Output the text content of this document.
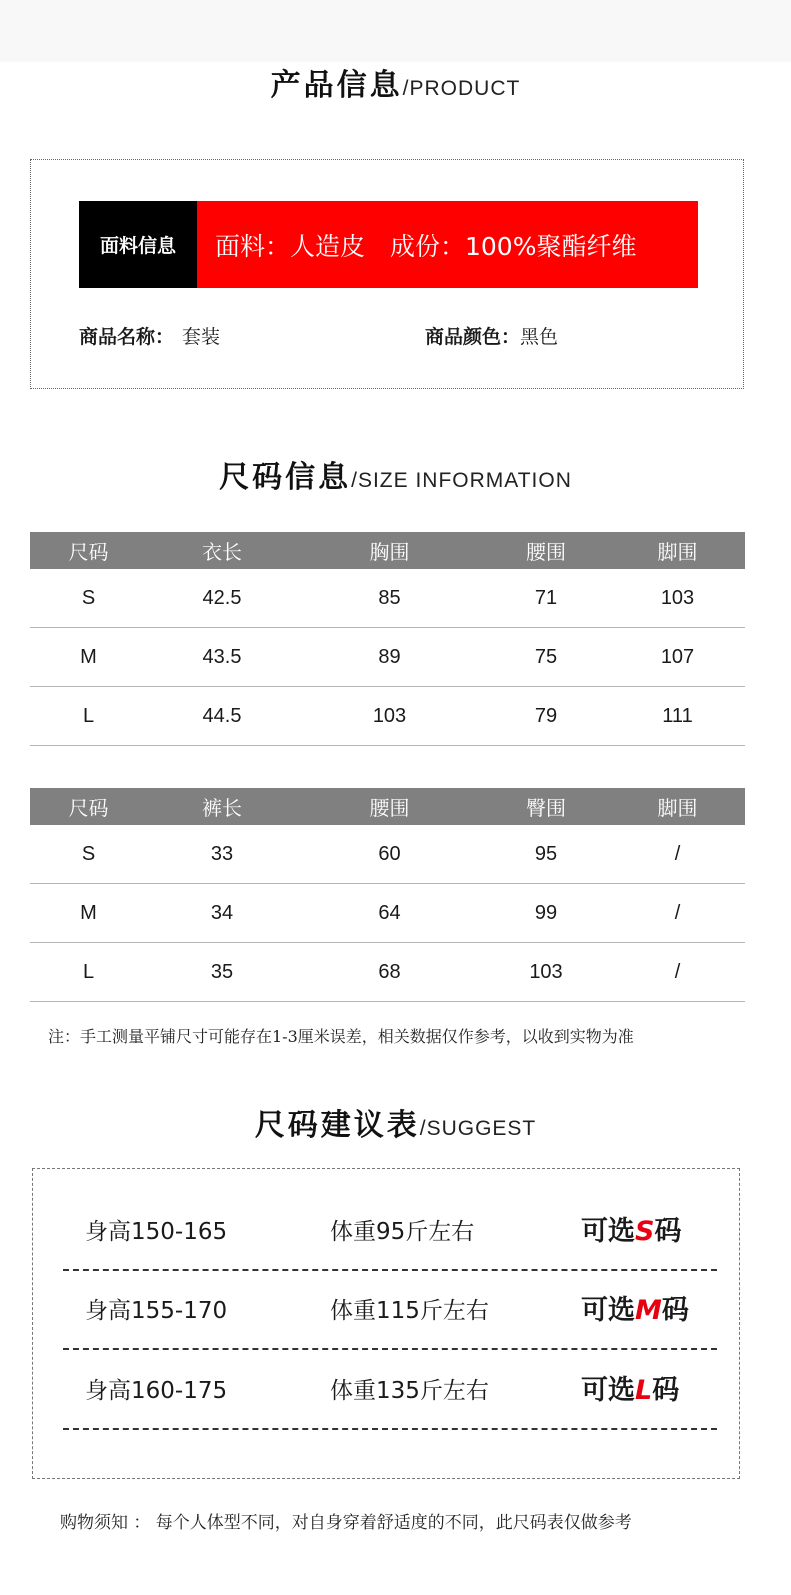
产品信息/PRODUCT
面料信息	面料：人造皮　成份：100%聚酯纤维
商品名称： 套装	商品颜色：黑色
尺码信息/SIZE INFORMATION
尺码	衣长	胸围	腰围	脚围
S	42.5	85	71	103
M	43.5	89	75	107
L	44.5	103	79	111
尺码	裤长	腰围	臀围	脚围
S	33	60	95	/
M	34	64	99	/
L	35	68	103	/
注：手工测量平铺尺寸可能存在1-3厘米误差，相关数据仅作参考，以收到实物为准
尺码建议表/SUGGEST
身高150-165	体重95斤左右	可选S码
身高155-170	体重115斤左右	可选M码
身高160-175	体重135斤左右	可选L码
购物须知 ： 每个人体型不同，对自身穿着舒适度的不同，此尺码表仅做参考
